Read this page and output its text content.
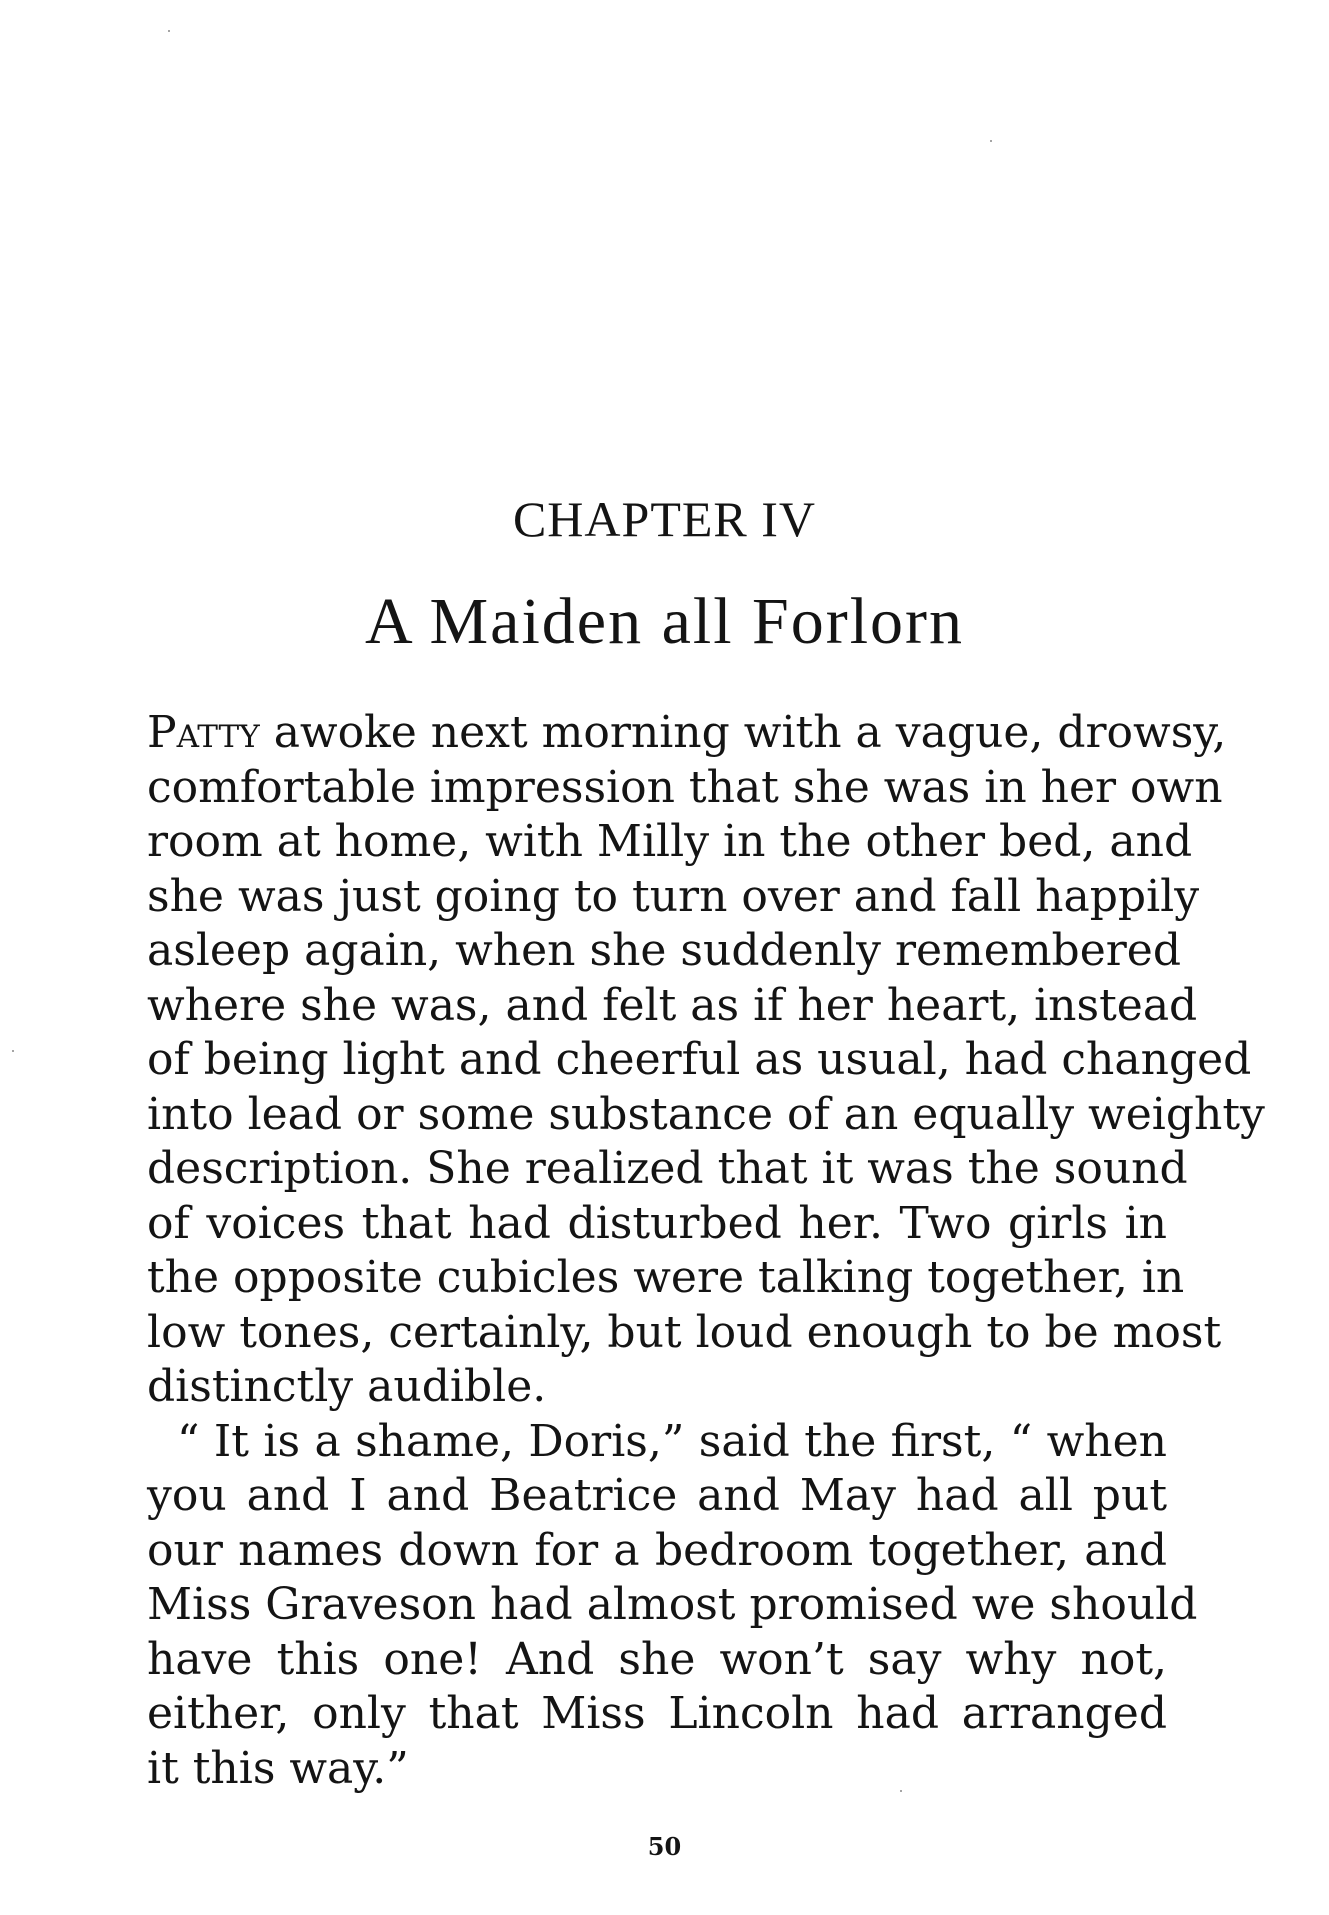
CHAPTER IV
A Maiden all Forlorn
Patty awoke next morning with a vague, drowsy,
comfortable impression that she was in her own
room at home, with Milly in the other bed, and
she was just going to turn over and fall happily
asleep again, when she suddenly remembered
where she was, and felt as if her heart, instead
of being light and cheerful as usual, had changed
into lead or some substance of an equally weighty
description. She realized that it was the sound
of voices that had disturbed her. Two girls in
the opposite cubicles were talking together, in
low tones, certainly, but loud enough to be most
distinctly audible.
“ It is a shame, Doris,” said the first, “ when
you and I and Beatrice and May had all put
our names down for a bedroom together, and
Miss Graveson had almost promised we should
have this one! And she won’t say why not,
either, only that Miss Lincoln had arranged
it this way.”
50
